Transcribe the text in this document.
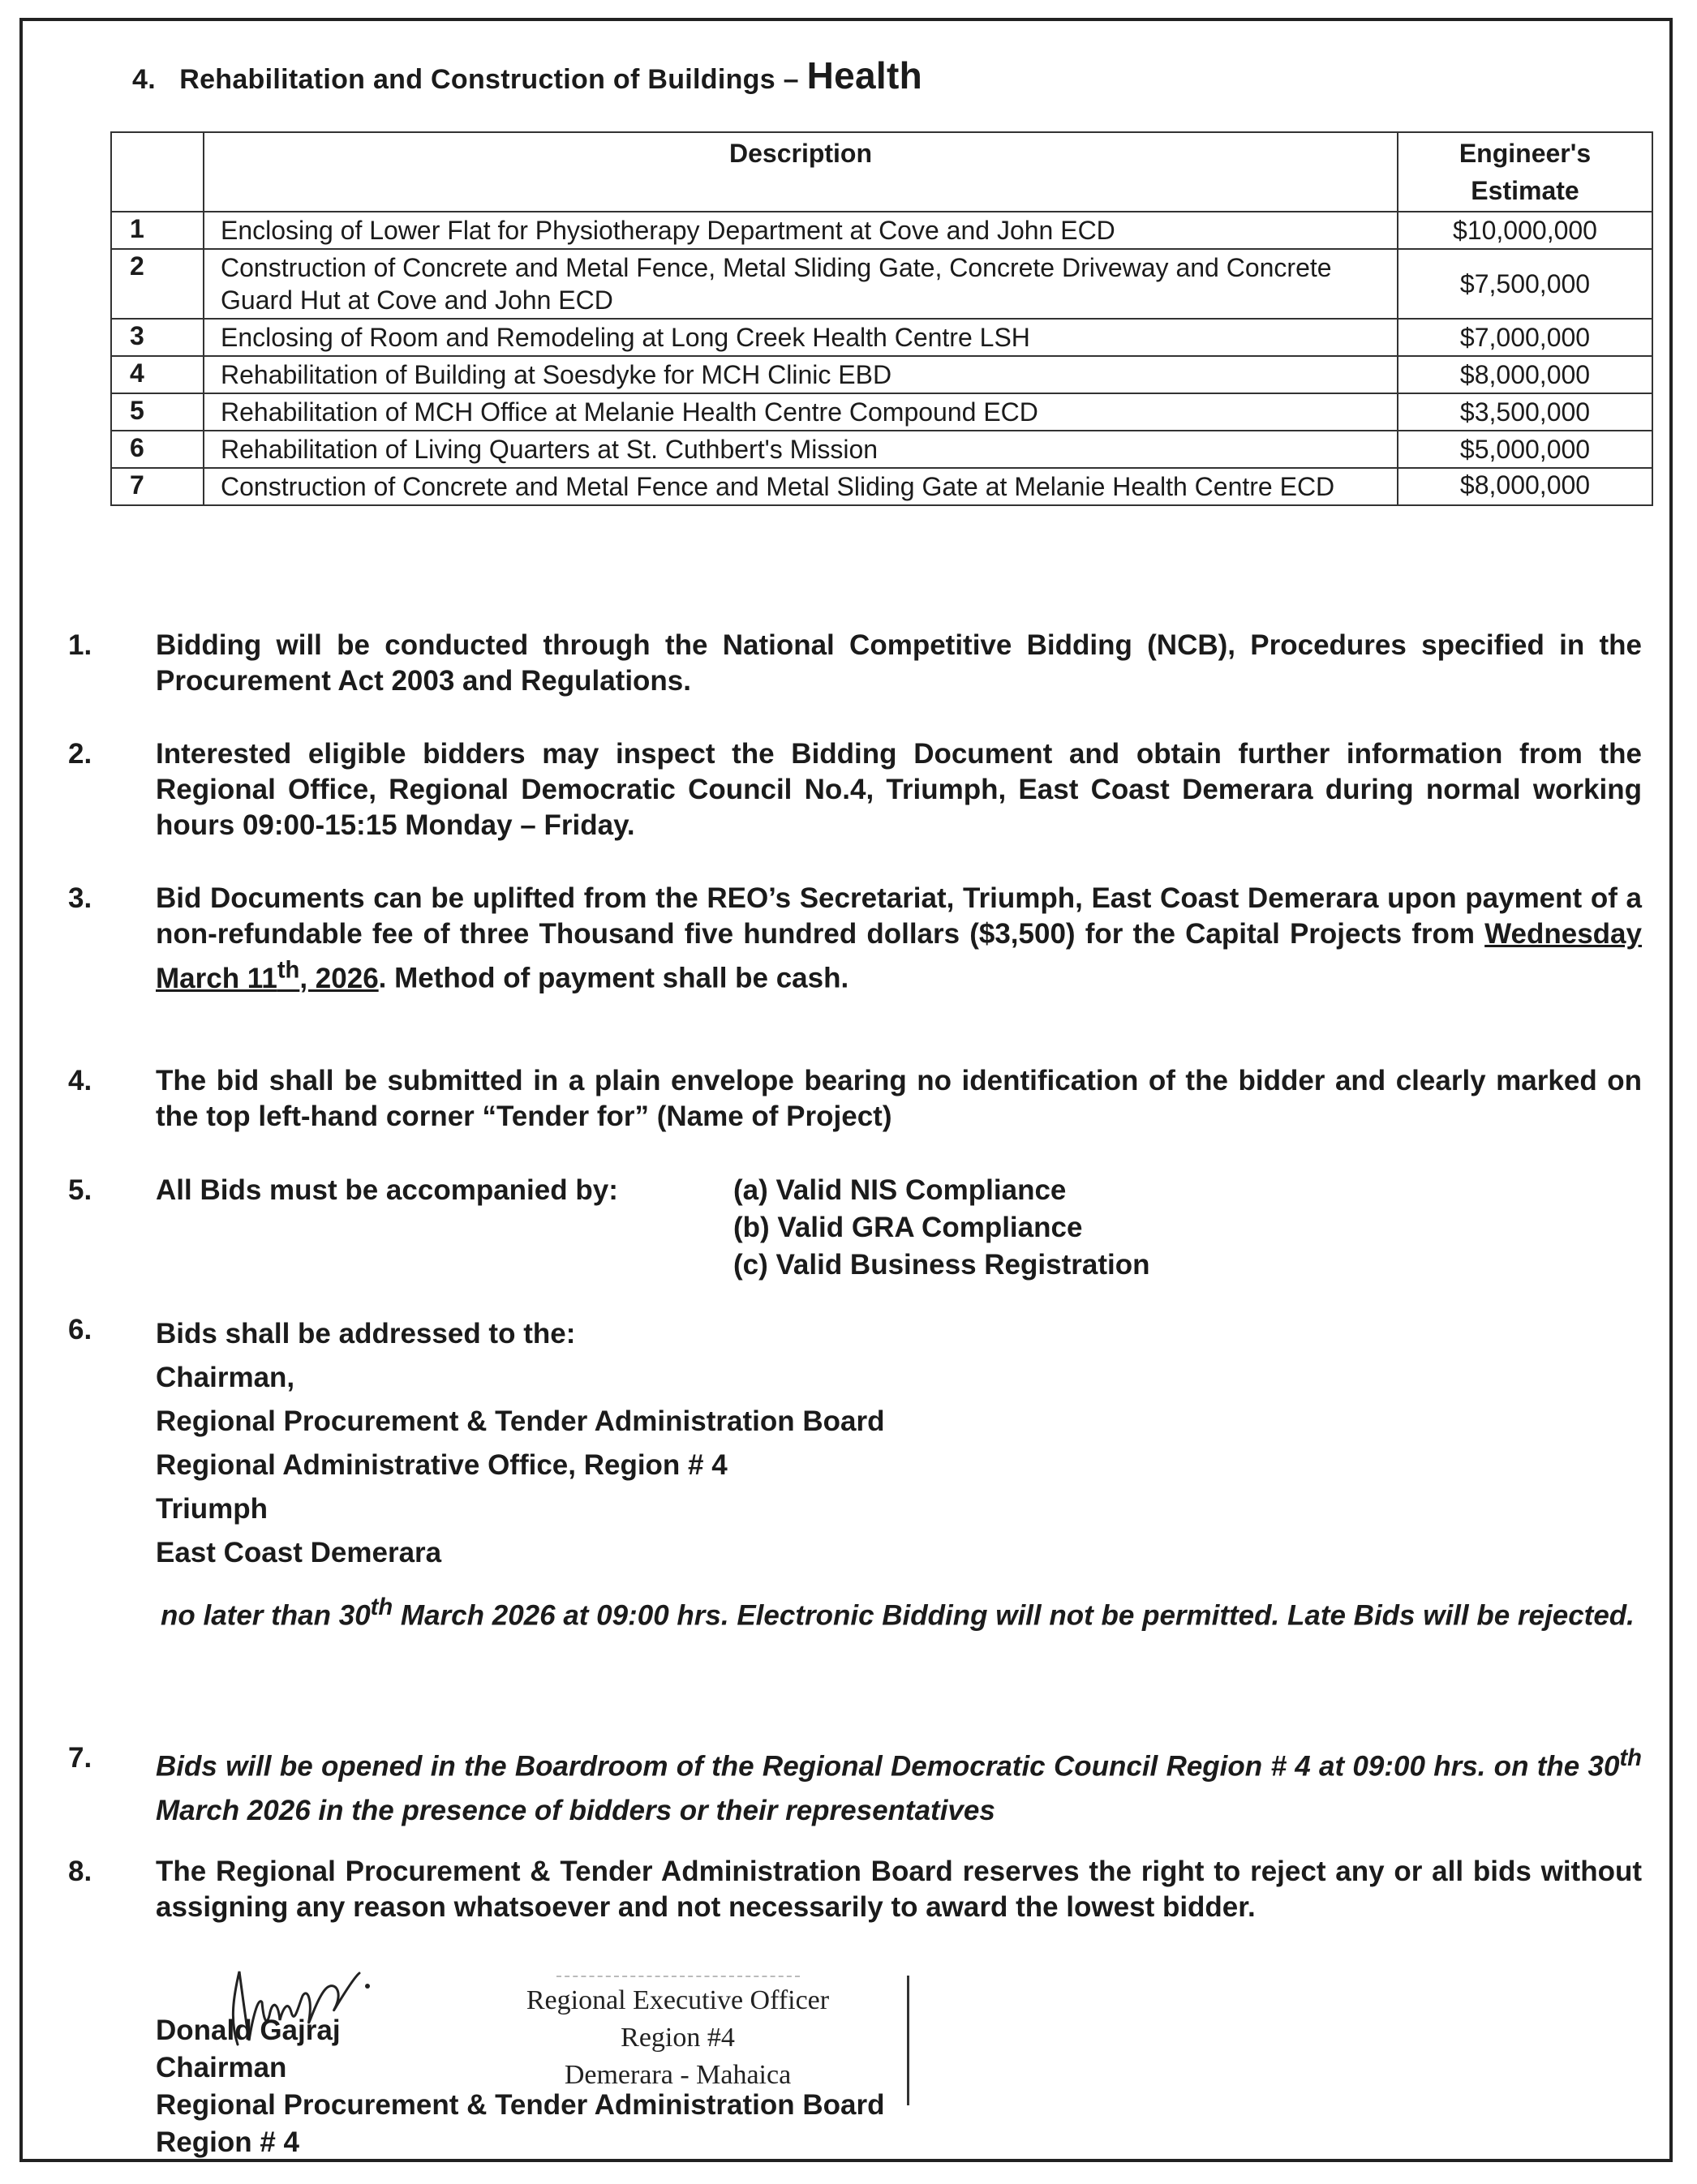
4. Rehabilitation and Construction of Buildings – Health
	Description	Engineer's
Estimate

1	Enclosing of Lower Flat for Physiotherapy Department at Cove and John ECD	$10,000,000
2	Construction of Concrete and Metal Fence, Metal Sliding Gate, Concrete Driveway and Concrete Guard Hut at Cove and John ECD	$7,500,000
3	Enclosing of Room and Remodeling at Long Creek Health Centre LSH	$7,000,000
4	Rehabilitation of Building at Soesdyke for MCH Clinic EBD	$8,000,000
5	Rehabilitation of MCH Office at Melanie Health Centre Compound ECD	$3,500,000
6	Rehabilitation of Living Quarters at St. Cuthbert's Mission	$5,000,000
7	Construction of Concrete and Metal Fence and Metal Sliding Gate at Melanie Health Centre ECD	$8,000,000
1. Bidding will be conducted through the National Competitive Bidding (NCB), Procedures specified in the Procurement Act 2003 and Regulations.
2. Interested eligible bidders may inspect the Bidding Document and obtain further information from the Regional Office, Regional Democratic Council No.4, Triumph, East Coast Demerara during normal working hours 09:00-15:15 Monday – Friday.
3. Bid Documents can be uplifted from the REO’s Secretariat, Triumph, East Coast Demerara upon payment of a non-refundable fee of three Thousand five hundred dollars ($3,500) for the Capital Projects from Wednesday March 11th, 2026. Method of payment shall be cash.
4. The bid shall be submitted in a plain envelope bearing no identification of the bidder and clearly marked on the top left-hand corner “Tender for” (Name of Project)
5. All Bids must be accompanied by:	(a) Valid NIS Compliance
(b) Valid GRA Compliance
(c) Valid Business Registration
6. Bids shall be addressed to the:
Chairman,
Regional Procurement & Tender Administration Board
Regional Administrative Office, Region # 4
Triumph
East Coast Demerara
no later than 30th March 2026 at 09:00 hrs. Electronic Bidding will not be permitted. Late Bids will be rejected.
7. Bids will be opened in the Boardroom of the Regional Democratic Council Region # 4 at 09:00 hrs. on the 30th March 2026 in the presence of bidders or their representatives
8. The Regional Procurement & Tender Administration Board reserves the right to reject any or all bids without assigning any reason whatsoever and not necessarily to award the lowest bidder.
Regional Executive Officer
Region #4
Demerara - Mahaica
Donald Gajraj
Chairman
Regional Procurement & Tender Administration Board
Region # 4
